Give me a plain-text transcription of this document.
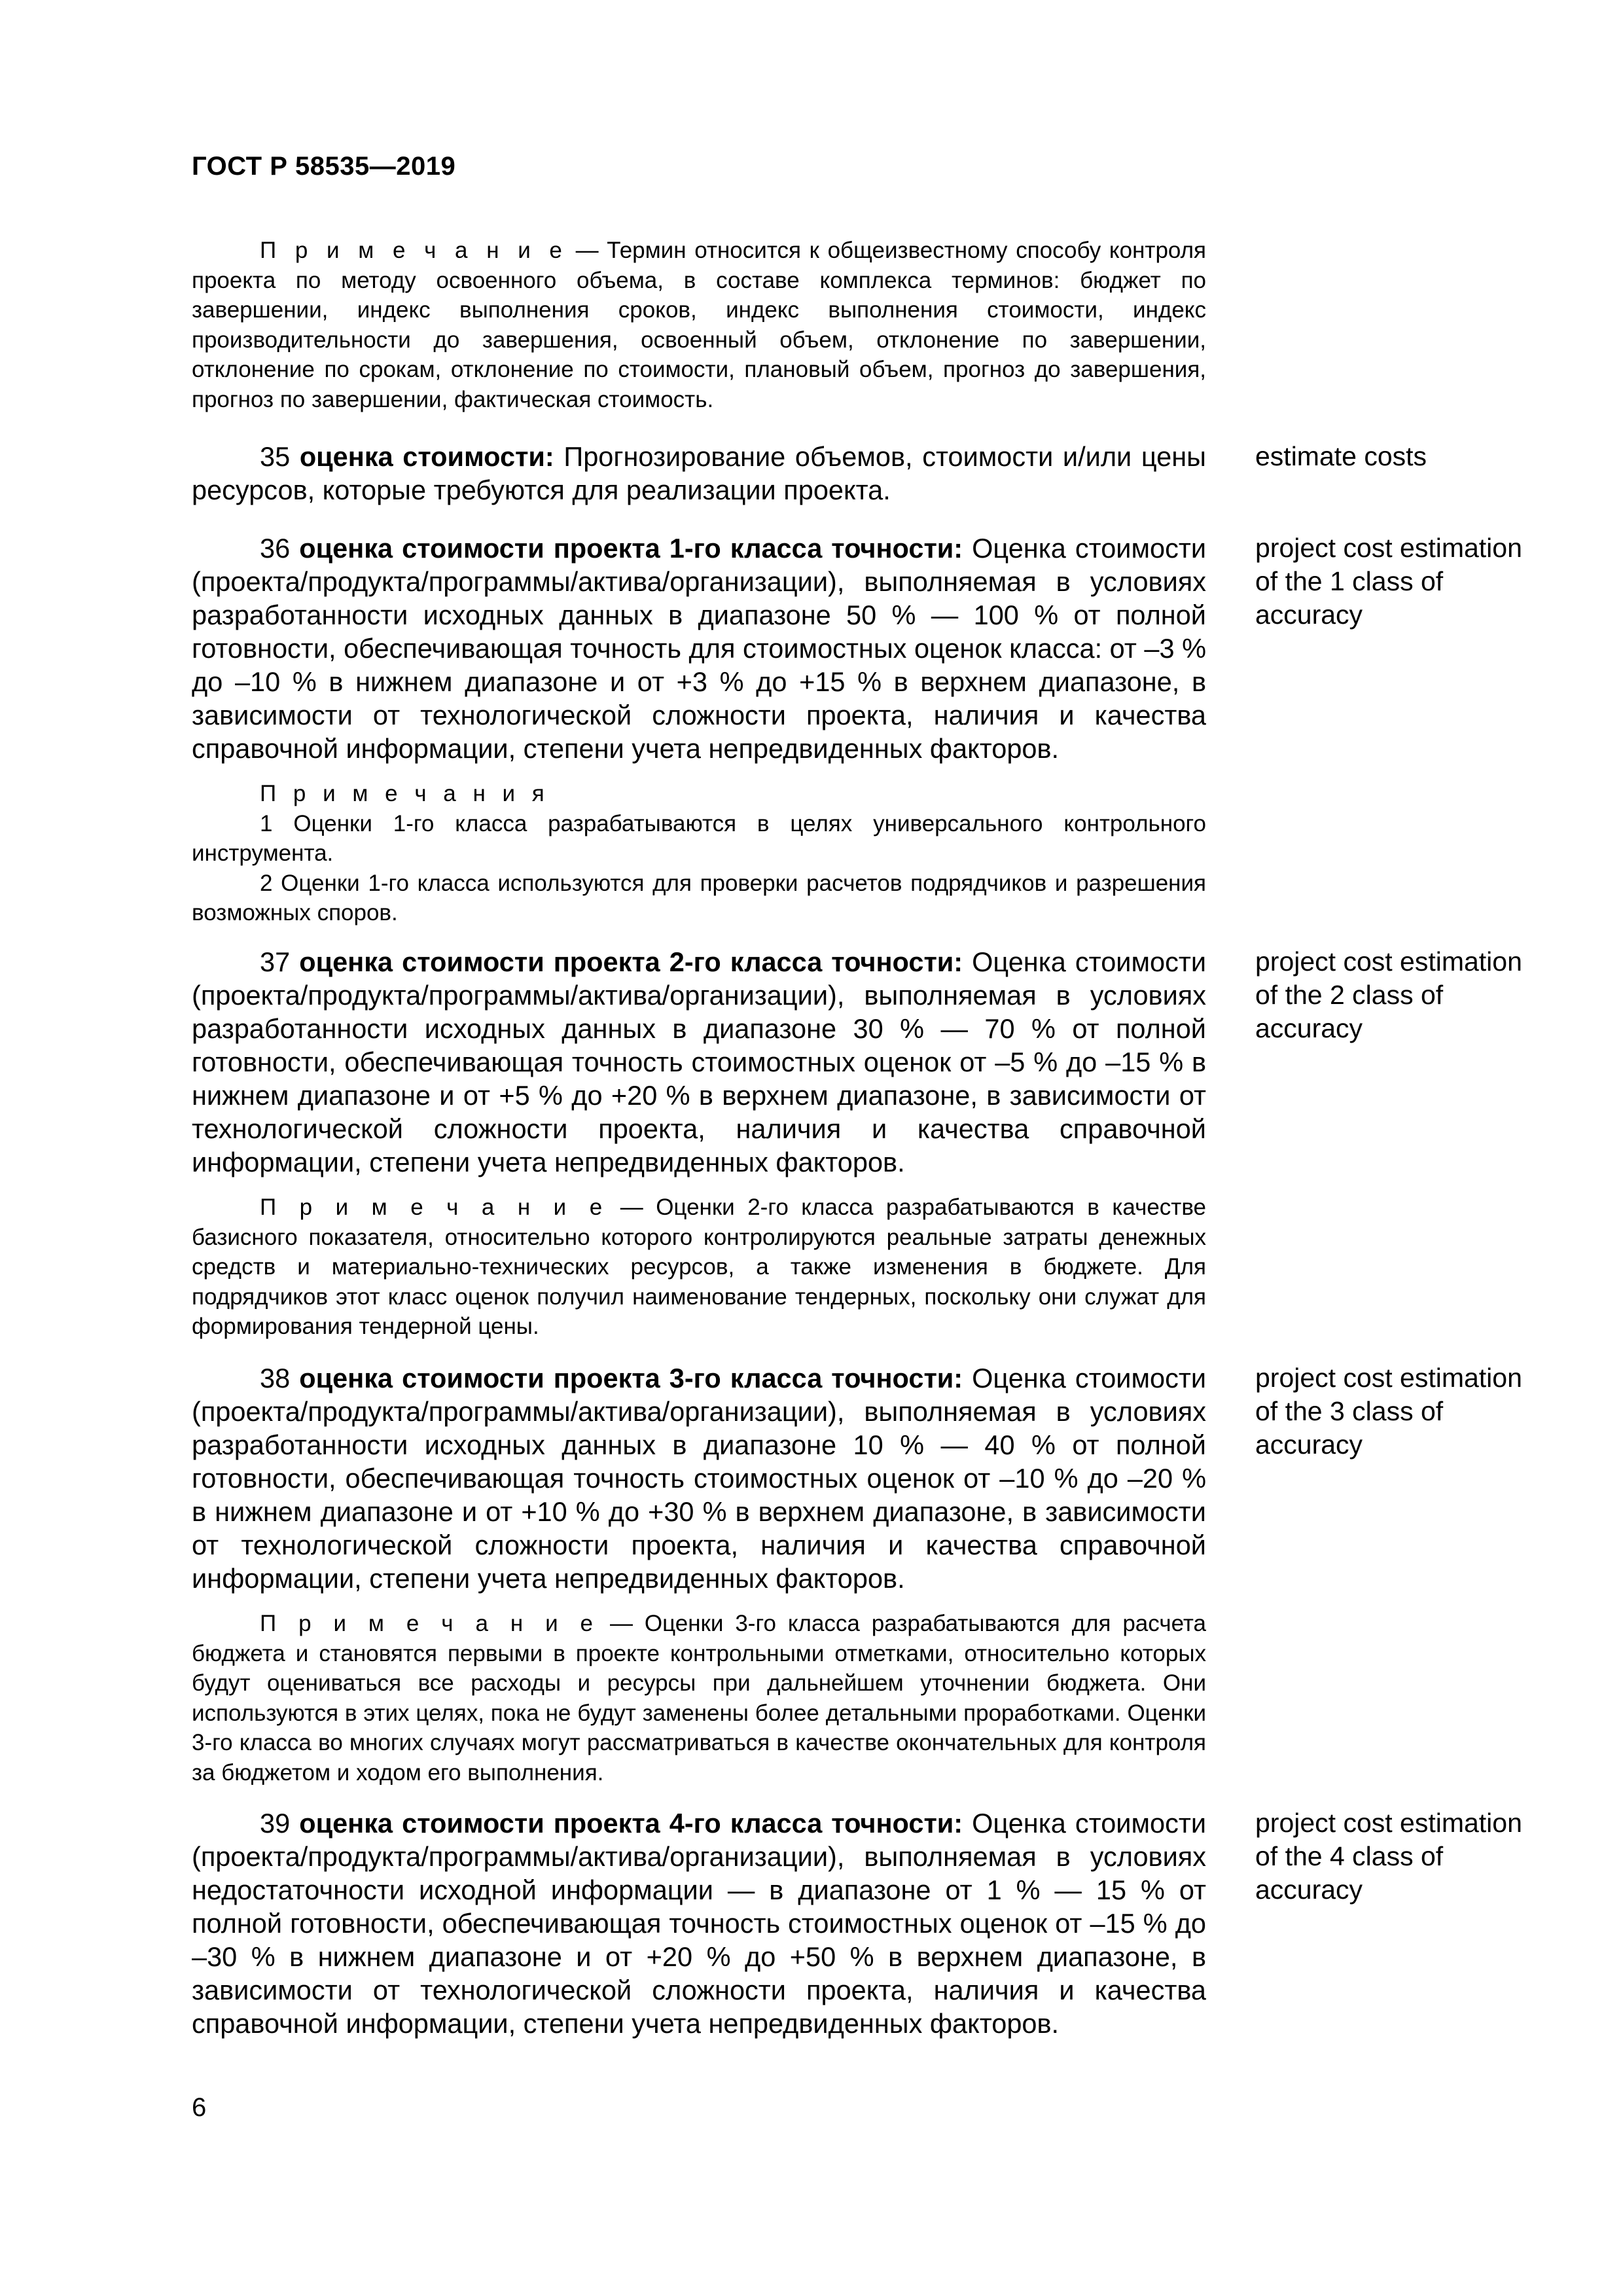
ГОСТ Р 58535—2019
П р и м е ч а н и е — Термин относится к общеизвестному способу контроля проекта по методу освоенного объема, в составе комплекса терминов: бюджет по завершении, индекс выполнения сроков, индекс выполнения стоимости, индекс производительности до завершения, освоенный объем, отклонение по завершении, отклонение по срокам, отклонение по стоимости, плановый объем, прогноз до завершения, прогноз по завершении, фактическая стоимость.
35 оценка стоимости: Прогнозирование объемов, стоимости и/или цены ресурсов, которые требуются для реализации проекта.
estimate costs
36 оценка стоимости проекта 1-го класса точности: Оценка стоимости (проекта/продукта/программы/актива/организации), выполняемая в условиях разработанности исходных данных в диапазоне 50 % — 100 % от полной готовности, обеспечивающая точность для стоимостных оценок класса: от –3 % до –10 % в нижнем диапазоне и от +3 % до +15 % в верхнем диапазоне, в зависимости от технологической сложности проекта, наличия и качества справочной информации, степени учета непредвиденных факторов.
project cost estimation of the 1 class of accuracy
П р и м е ч а н и я
1 Оценки 1-го класса разрабатываются в целях универсального контрольного инструмента.
2 Оценки 1-го класса используются для проверки расчетов подрядчиков и разрешения возможных споров.
37 оценка стоимости проекта 2-го класса точности: Оценка стоимости (проекта/продукта/программы/актива/организации), выполняемая в условиях разработанности исходных данных в диапазоне 30 % — 70 % от полной готовности, обеспечивающая точность стоимостных оценок от –5 % до –15 % в нижнем диапазоне и от +5 % до +20 % в верхнем диапазоне, в зависимости от технологической сложности проекта, наличия и качества справочной информации, степени учета непредвиденных факторов.
project cost estimation of the 2 class of accuracy
П р и м е ч а н и е — Оценки 2-го класса разрабатываются в качестве базисного показателя, относительно которого контролируются реальные затраты денежных средств и материально-технических ресурсов, а также изменения в бюджете. Для подрядчиков этот класс оценок получил наименование тендерных, поскольку они служат для формирования тендерной цены.
38 оценка стоимости проекта 3-го класса точности: Оценка стоимости (проекта/продукта/программы/актива/организации), выполняемая в условиях разработанности исходных данных в диапазоне 10 % — 40 % от полной готовности, обеспечивающая точность стоимостных оценок от –10 % до –20 % в нижнем диапазоне и от +10 % до +30 % в верхнем диапазоне, в зависимости от технологической сложности проекта, наличия и качества справочной информации, степени учета непредвиденных факторов.
project cost estimation of the 3 class of accuracy
П р и м е ч а н и е — Оценки 3-го класса разрабатываются для расчета бюджета и становятся первыми в проекте контрольными отметками, относительно которых будут оцениваться все расходы и ресурсы при дальнейшем уточнении бюджета. Они используются в этих целях, пока не будут заменены более детальными проработками. Оценки 3-го класса во многих случаях могут рассматриваться в качестве окончательных для контроля за бюджетом и ходом его выполнения.
39 оценка стоимости проекта 4-го класса точности: Оценка стоимости (проекта/продукта/программы/актива/организации), выполняемая в условиях недостаточности исходной информации — в диапазоне от 1 % — 15 % от полной готовности, обеспечивающая точность стоимостных оценок от –15 % до –30 % в нижнем диапазоне и от +20 % до +50 % в верхнем диапазоне, в зависимости от технологической сложности проекта, наличия и качества справочной информации, степени учета непредвиденных факторов.
project cost estimation of the 4 class of accuracy
6
